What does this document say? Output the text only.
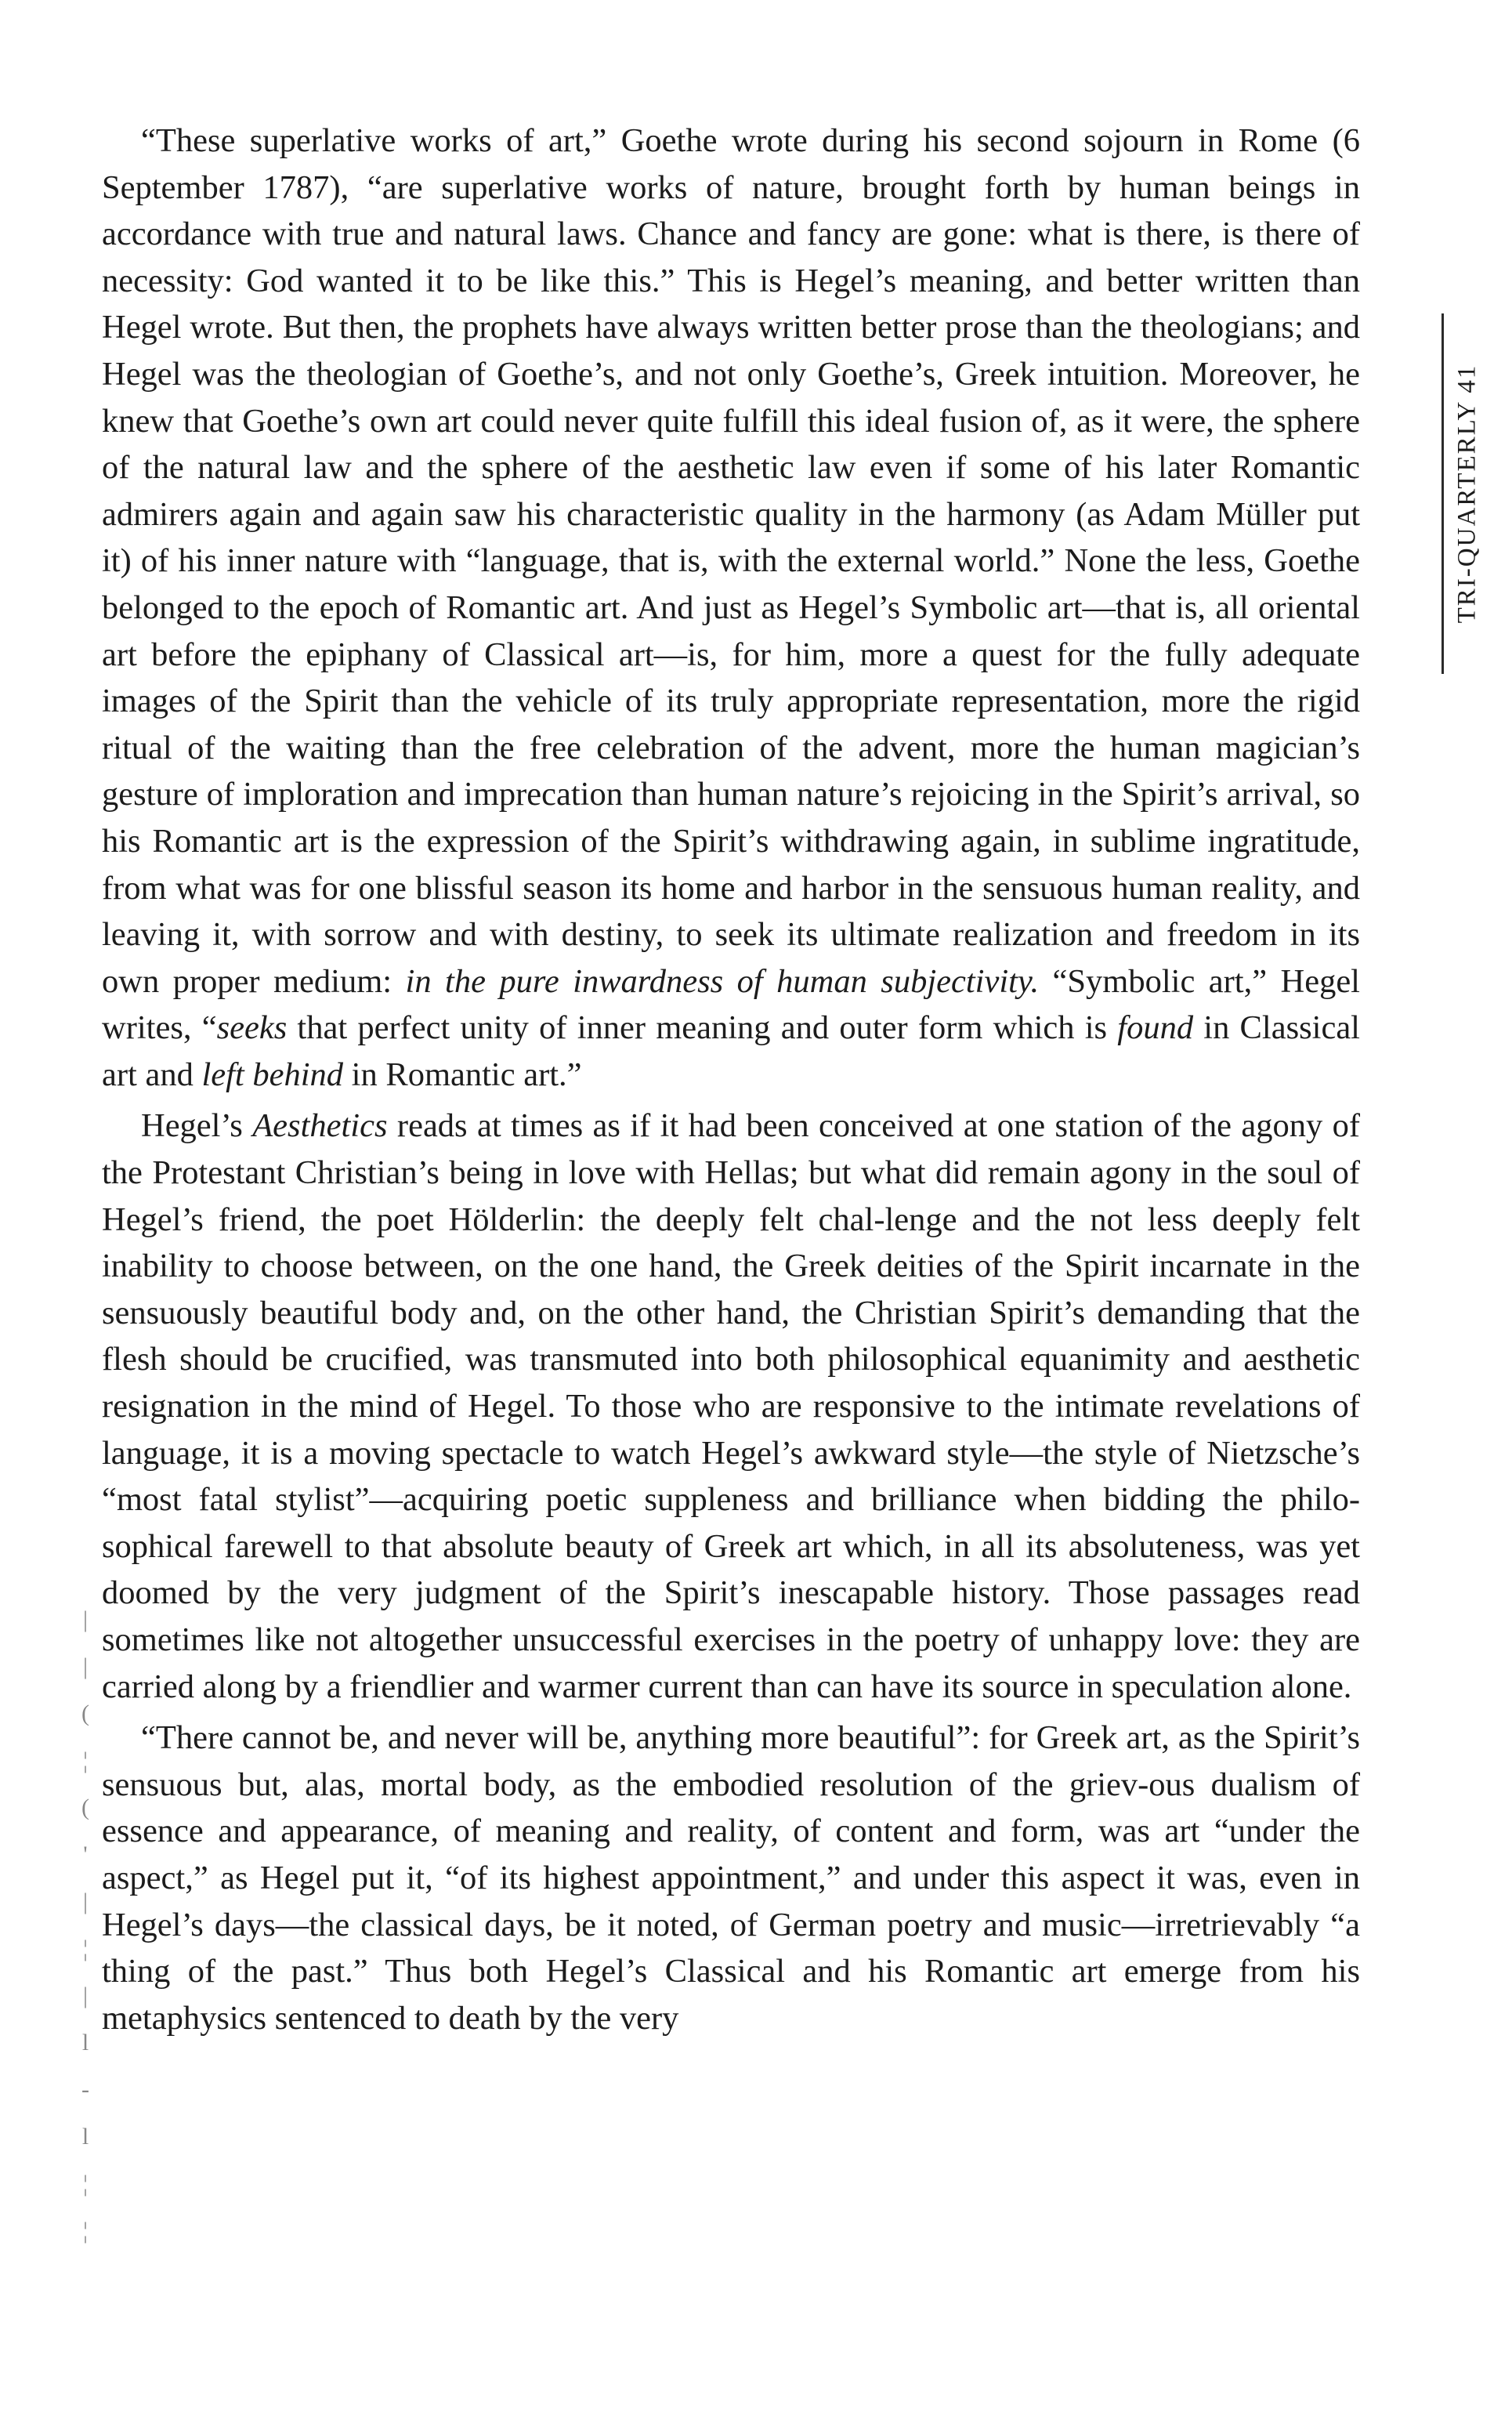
“These superlative works of art,” Goethe wrote during his second sojourn in Rome (6 September 1787), “are superlative works of nature, brought forth by human beings in accordance with true and natural laws. Chance and fancy are gone: what is there, is there of necessity: God wanted it to be like this.” This is Hegel’s meaning, and better written than Hegel wrote. But then, the prophets have always written better prose than the theologians; and Hegel was the theologian of Goethe’s, and not only Goethe’s, Greek intuition. Moreover, he knew that Goethe’s own art could never quite fulfill this ideal fusion of, as it were, the sphere of the natural law and the sphere of the aesthetic law even if some of his later Romantic admirers again and again saw his characteristic quality in the harmony (as Adam Müller put it) of his inner nature with “language, that is, with the external world.” None the less, Goethe belonged to the epoch of Romantic art. And just as Hegel’s Symbolic art—that is, all oriental art before the epiphany of Classical art—is, for him, more a quest for the fully adequate images of the Spirit than the vehicle of its truly appropriate representation, more the rigid ritual of the waiting than the free celebration of the advent, more the human magician’s gesture of imploration and imprecation than human nature’s rejoicing in the Spirit’s arrival, so his Romantic art is the expression of the Spirit’s withdrawing again, in sublime ingratitude, from what was for one blissful season its home and harbor in the sensuous human reality, and leaving it, with sorrow and with destiny, to seek its ultimate realization and freedom in its own proper medium: in the pure inwardness of human subjectivity. “Symbolic art,” Hegel writes, “seeks that perfect unity of inner meaning and outer form which is found in Classical art and left behind in Romantic art.”

Hegel’s Aesthetics reads at times as if it had been conceived at one station of the agony of the Protestant Christian’s being in love with Hellas; but what did remain agony in the soul of Hegel’s friend, the poet Hölderlin: the deeply felt chal-lenge and the not less deeply felt inability to choose between, on the one hand, the Greek deities of the Spirit incarnate in the sensuously beautiful body and, on the other hand, the Christian Spirit’s demanding that the flesh should be crucified, was transmuted into both philosophical equanimity and aesthetic resignation in the mind of Hegel. To those who are responsive to the intimate revelations of language, it is a moving spectacle to watch Hegel’s awkward style—the style of Nietzsche’s “most fatal stylist”—acquiring poetic suppleness and brilliance when bidding the philo-sophical farewell to that absolute beauty of Greek art which, in all its absoluteness, was yet doomed by the very judgment of the Spirit’s inescapable history. Those passages read sometimes like not altogether unsuccessful exercises in the poetry of unhappy love: they are carried along by a friendlier and warmer current than can have its source in speculation alone.

“There cannot be, and never will be, anything more beautiful”: for Greek art, as the Spirit’s sensuous but, alas, mortal body, as the embodied resolution of the griev-ous dualism of essence and appearance, of meaning and reality, of content and form, was art “under the aspect,” as Hegel put it, “of its highest appointment,” and under this aspect it was, even in Hegel’s days—the classical days, be it noted, of German poetry and music—irretrievably “a thing of the past.” Thus both Hegel’s Classical and his Romantic art emerge from his metaphysics sentenced to death by the very

TRI-QUARTERLY 41
|
|
(
¦
(
'
|
¦
|
l
-
l
¦
¦
